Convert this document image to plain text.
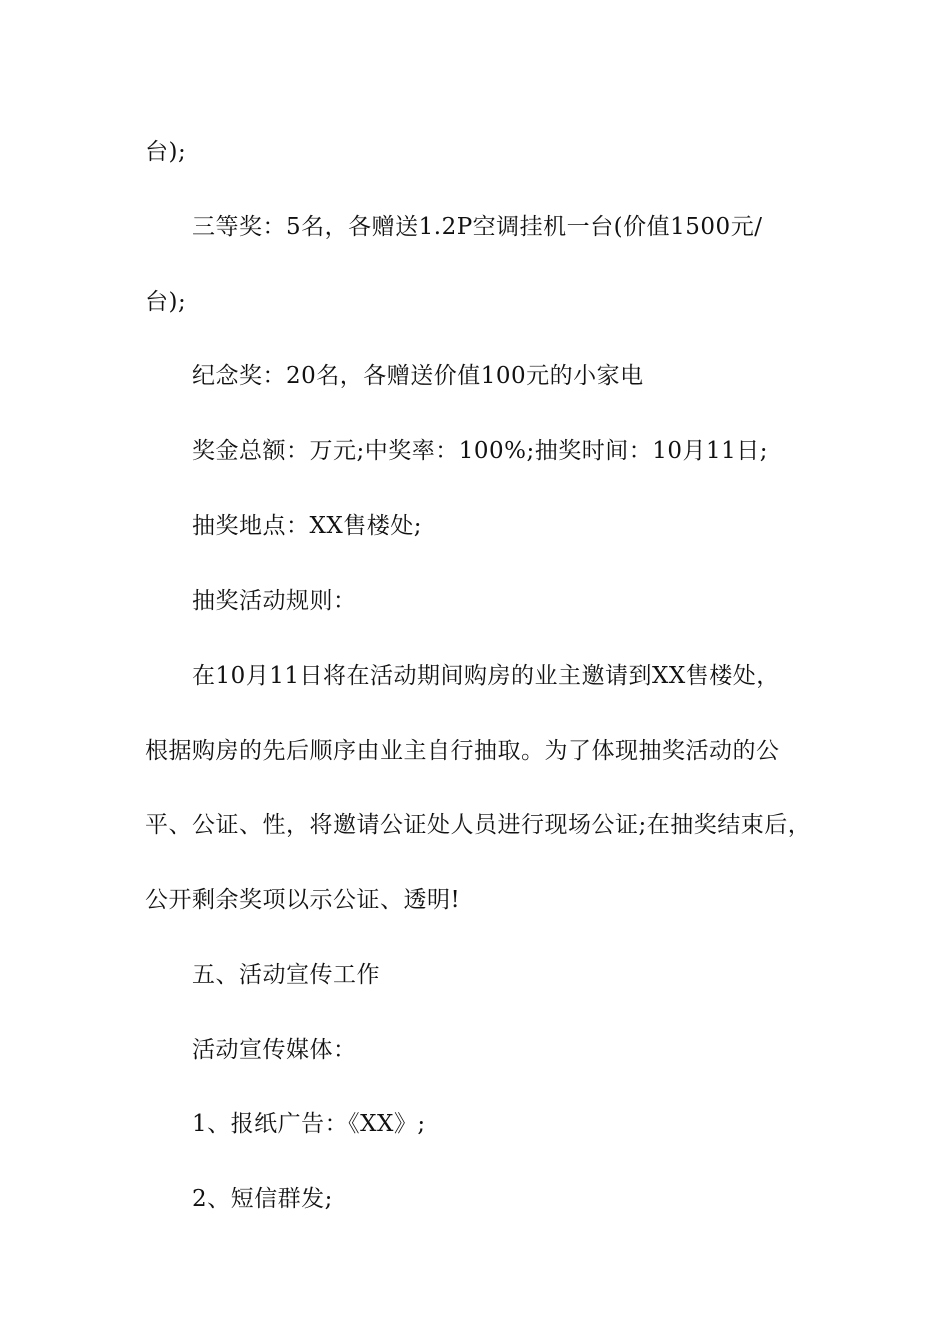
台);
三等奖：5名，各赠送1.2P空调挂机一台(价值1500元/
台);
纪念奖：20名，各赠送价值100元的小家电
奖金总额：万元;中奖率：100%;抽奖时间：10月11日;
抽奖地点：XX售楼处;
抽奖活动规则：
在10月11日将在活动期间购房的业主邀请到XX售楼处，
根据购房的先后顺序由业主自行抽取。为了体现抽奖活动的公
平、公证、性，将邀请公证处人员进行现场公证;在抽奖结束后，
公开剩余奖项以示公证、透明!
五、活动宣传工作
活动宣传媒体：
1、报纸广告：《XX》;
2、短信群发;
